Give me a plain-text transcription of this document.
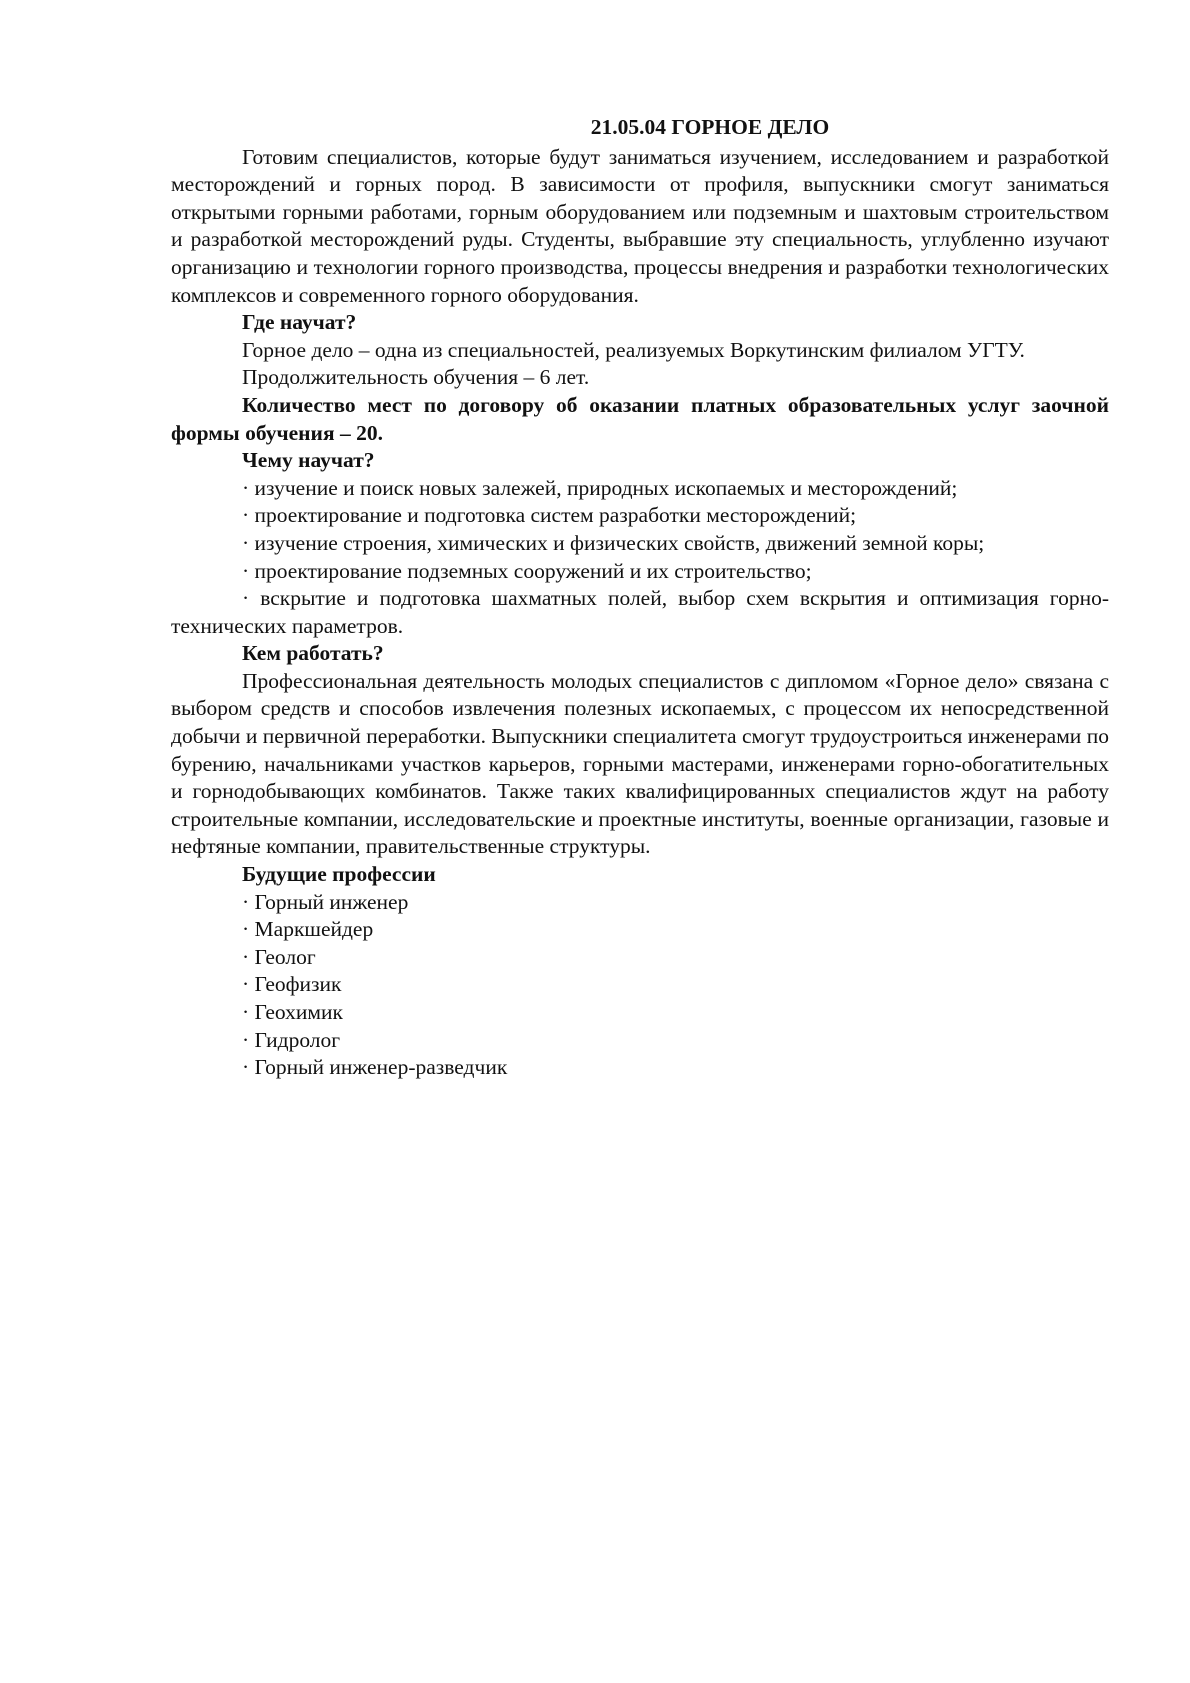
21.05.04 ГОРНОЕ ДЕЛО

Готовим специалистов, которые будут заниматься изучением, исследованием и разработкой месторождений и горных пород. В зависимости от профиля, выпускники смогут заниматься открытыми горными работами, горным оборудованием или подземным и шахтовым строительством и разработкой месторождений руды. Студенты, выбравшие эту специальность, углубленно изучают организацию и технологии горного производства, процессы внедрения и разработки технологических комплексов и современного горного оборудования.

Где научат?

Горное дело – одна из специальностей, реализуемых Воркутинским филиалом УГТУ.

Продолжительность обучения – 6 лет.

Количество мест по договору об оказании платных образовательных услуг заочной формы обучения – 20.

Чему научат?

· изучение и поиск новых залежей, природных ископаемых и месторождений;

· проектирование и подготовка систем разработки месторождений;

· изучение строения, химических и физических свойств, движений земной коры;

· проектирование подземных сооружений и их строительство;

· вскрытие и подготовка шахматных полей, выбор схем вскрытия и оптимизация горно-технических параметров.

Кем работать?

Профессиональная деятельность молодых специалистов с дипломом «Горное дело» связана с выбором средств и способов извлечения полезных ископаемых, с процессом их непосредственной добычи и первичной переработки. Выпускники специалитета смогут трудоустроиться инженерами по бурению, начальниками участков карьеров, горными мастерами, инженерами горно-обогатительных и горнодобывающих комбинатов. Также таких квалифицированных специалистов ждут на работу строительные компании, исследовательские и проектные институты, военные организации, газовые и нефтяные компании, правительственные структуры.

Будущие профессии

· Горный инженер

· Маркшейдер

· Геолог

· Геофизик

· Геохимик

· Гидролог

· Горный инженер-разведчик
